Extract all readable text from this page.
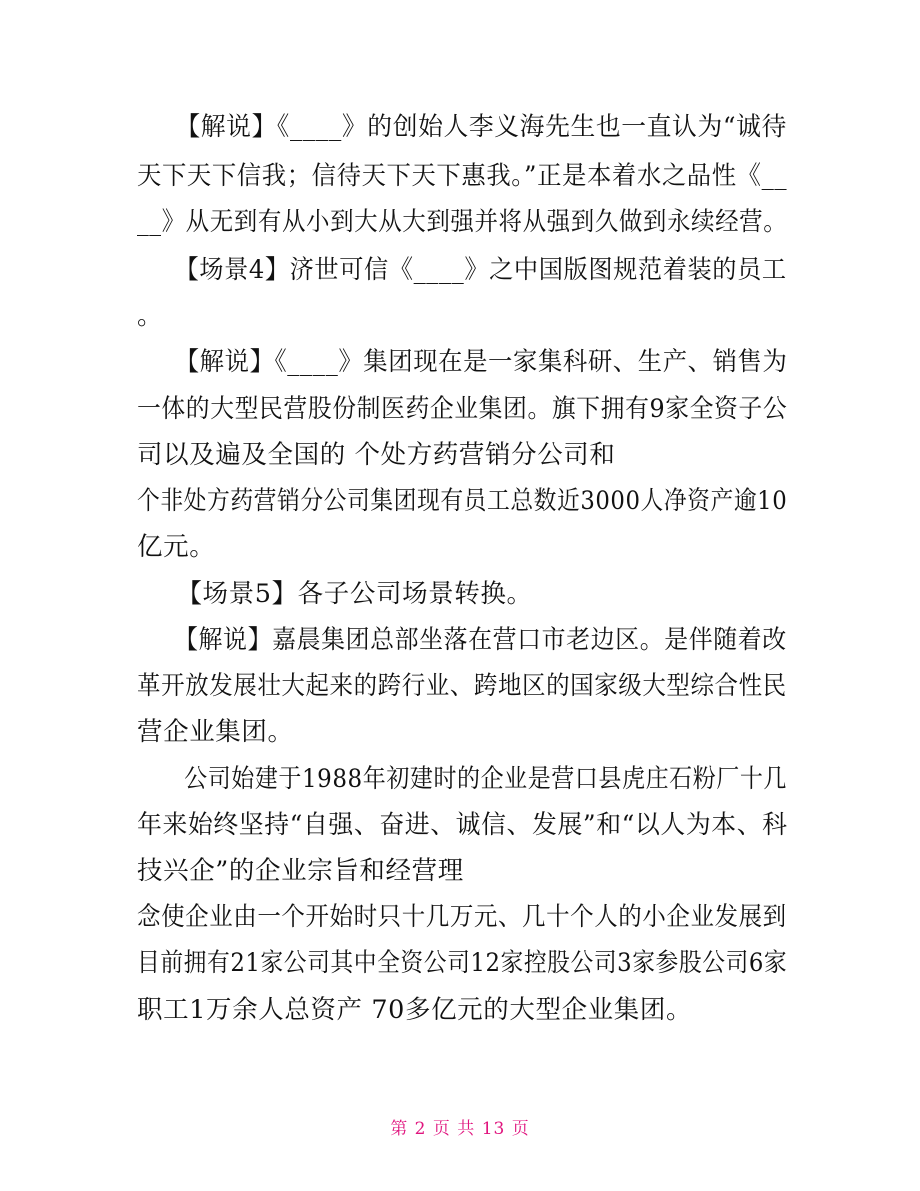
　　【解说】《____》的创始人李义海先生也一直认为“诚待
天下天下信我；信待天下天下惠我。”正是本着水之品性《__
__》从无到有从小到大从大到强并将从强到久做到永续经营。
　　【场景4】济世可信《____》之中国版图规范着装的员工
。
　　【解说】《____》集团现在是一家集科研、生产、销售为
一体的大型民营股份制医药企业集团。旗下拥有9家全资子公
司以及遍及全国的 个处方药营销分公司和
个非处方药营销分公司集团现有员工总数近3000人净资产逾10
亿元。
　　【场景5】各子公司场景转换。
　　【解说】嘉晨集团总部坐落在营口市老边区。是伴随着改
革开放发展壮大起来的跨行业、跨地区的国家级大型综合性民
营企业集团。
　　公司始建于1988年初建时的企业是营口县虎庄石粉厂十几
年来始终坚持“自强、奋进、诚信、发展”和“以人为本、科
技兴企”的企业宗旨和经营理
念使企业由一个开始时只十几万元、几十个人的小企业发展到
目前拥有21家公司其中全资公司12家控股公司3家参股公司6家
职工1万余人总资产 70多亿元的大型企业集团。
第 2 页 共 13 页
